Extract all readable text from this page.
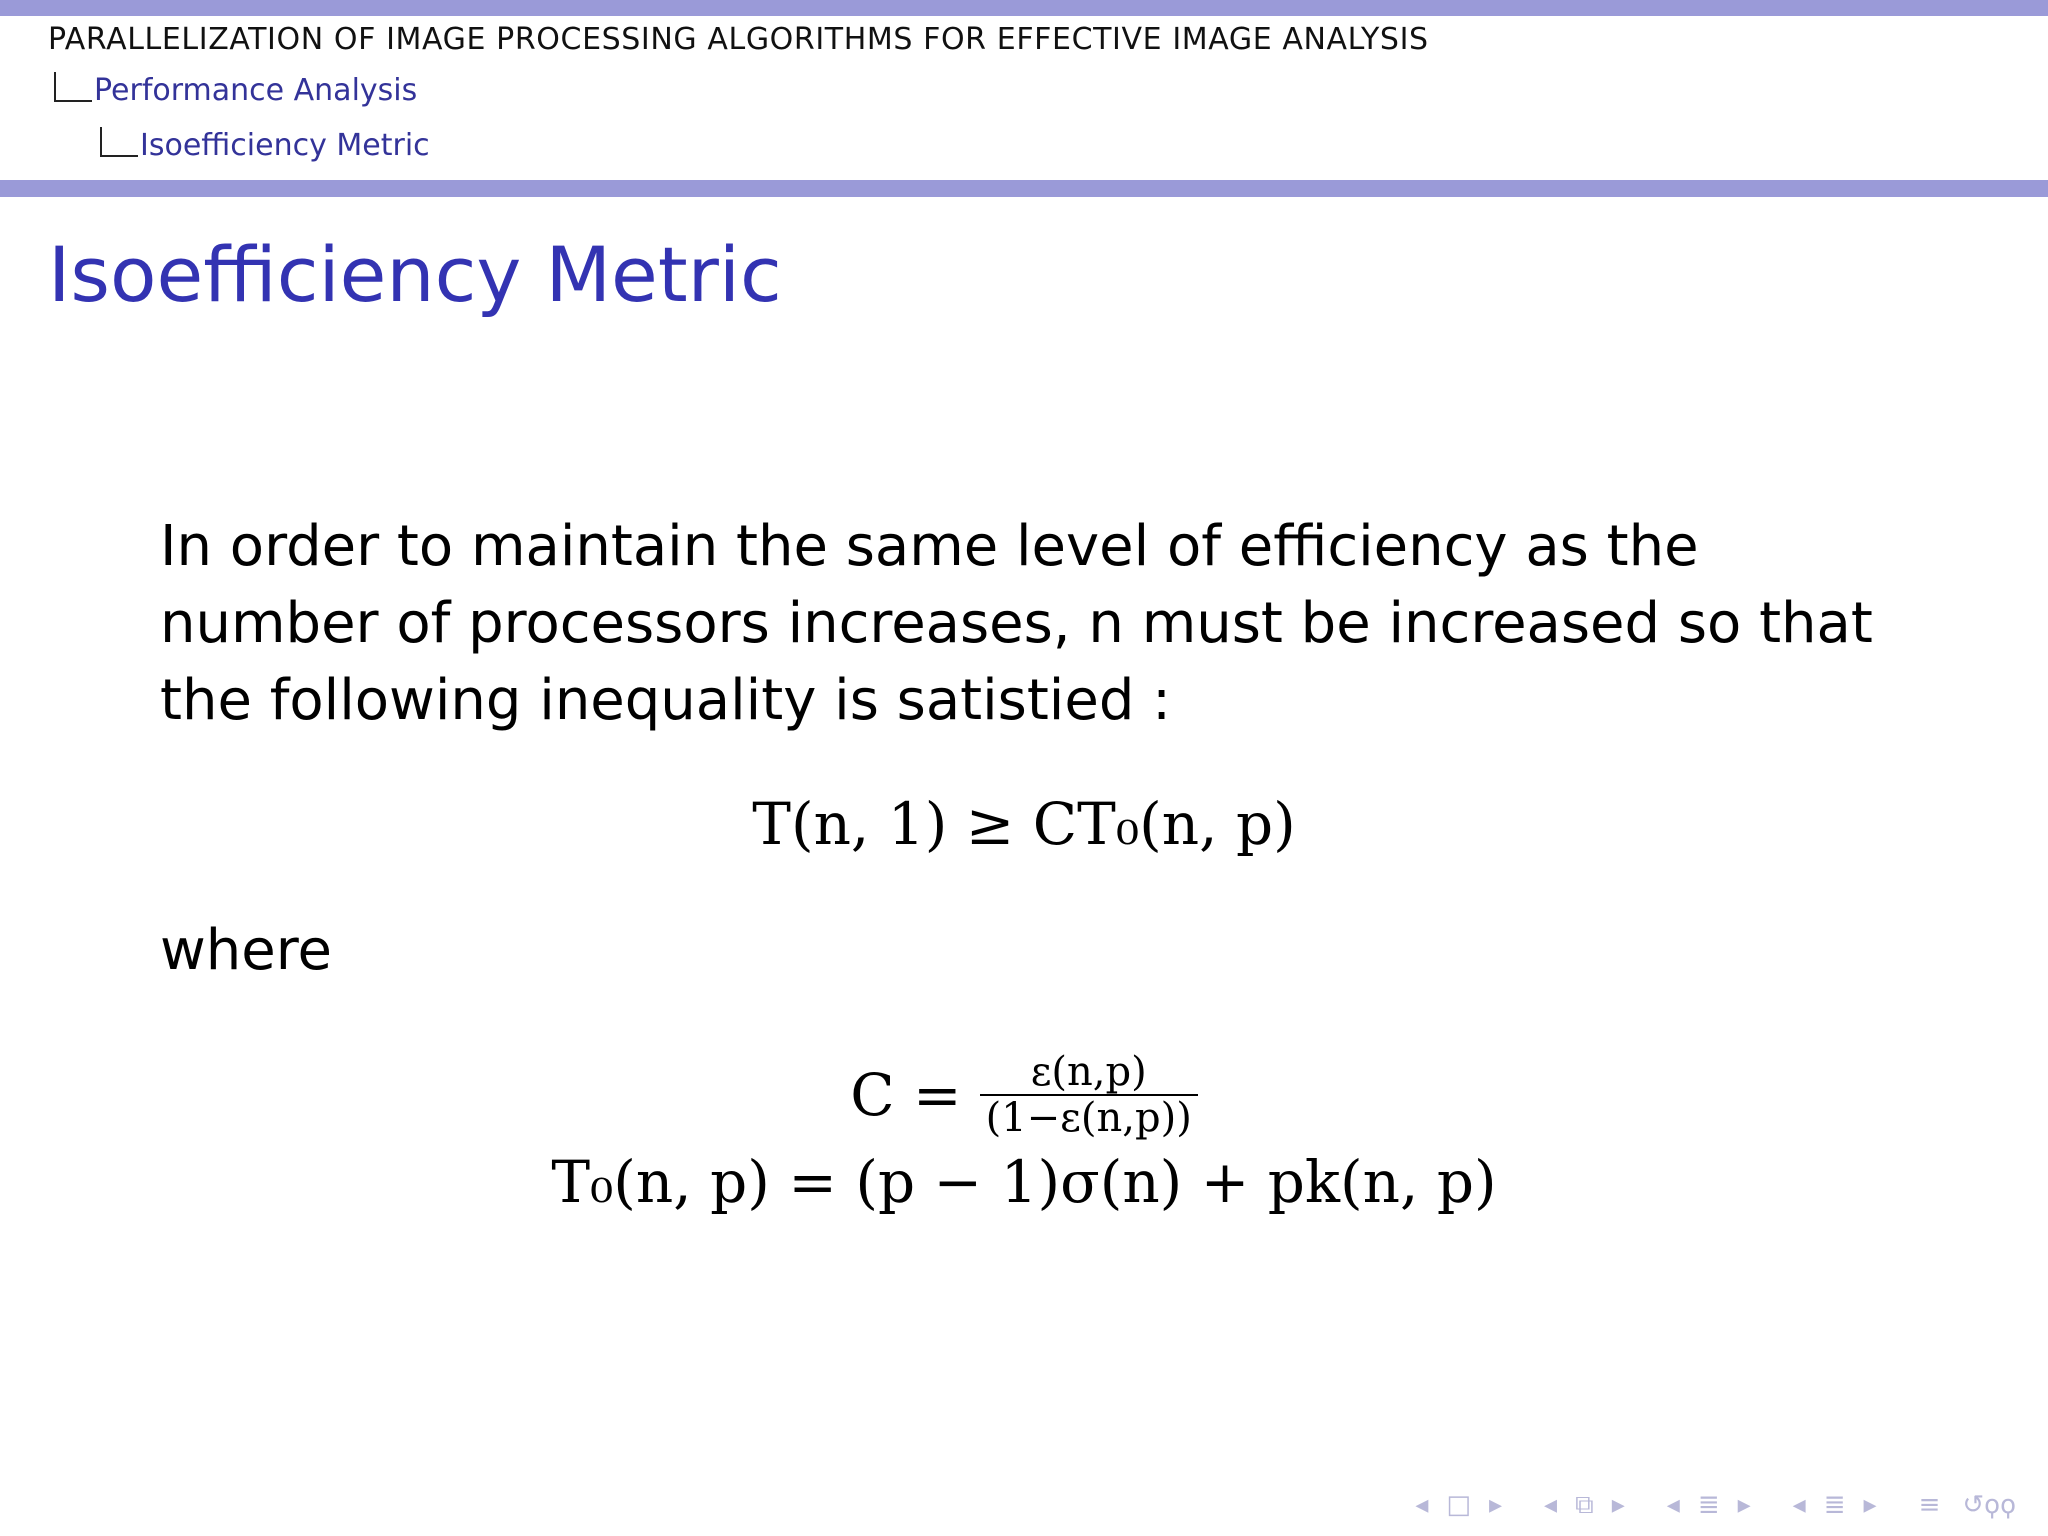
PARALLELIZATION OF IMAGE PROCESSING ALGORITHMS FOR EFFECTIVE IMAGE ANALYSIS
Performance Analysis
Isoefficiency Metric
Isoefficiency Metric
In order to maintain the same level of efficiency as the number of processors increases, n must be increased so that the following inequality is satistied :
T(n, 1) ≥ CT₀(n, p)
where
$C = \frac{\varepsilon(n,p)}{(1-\varepsilon(n,p))}$
T₀(n, p) = (p − 1)σ(n) + pk(n, p)
◂ □ ▸	◂ ⧉ ▸	◂ ≣ ▸	◂ ≣ ▸	≡ ↺ϙϙ
